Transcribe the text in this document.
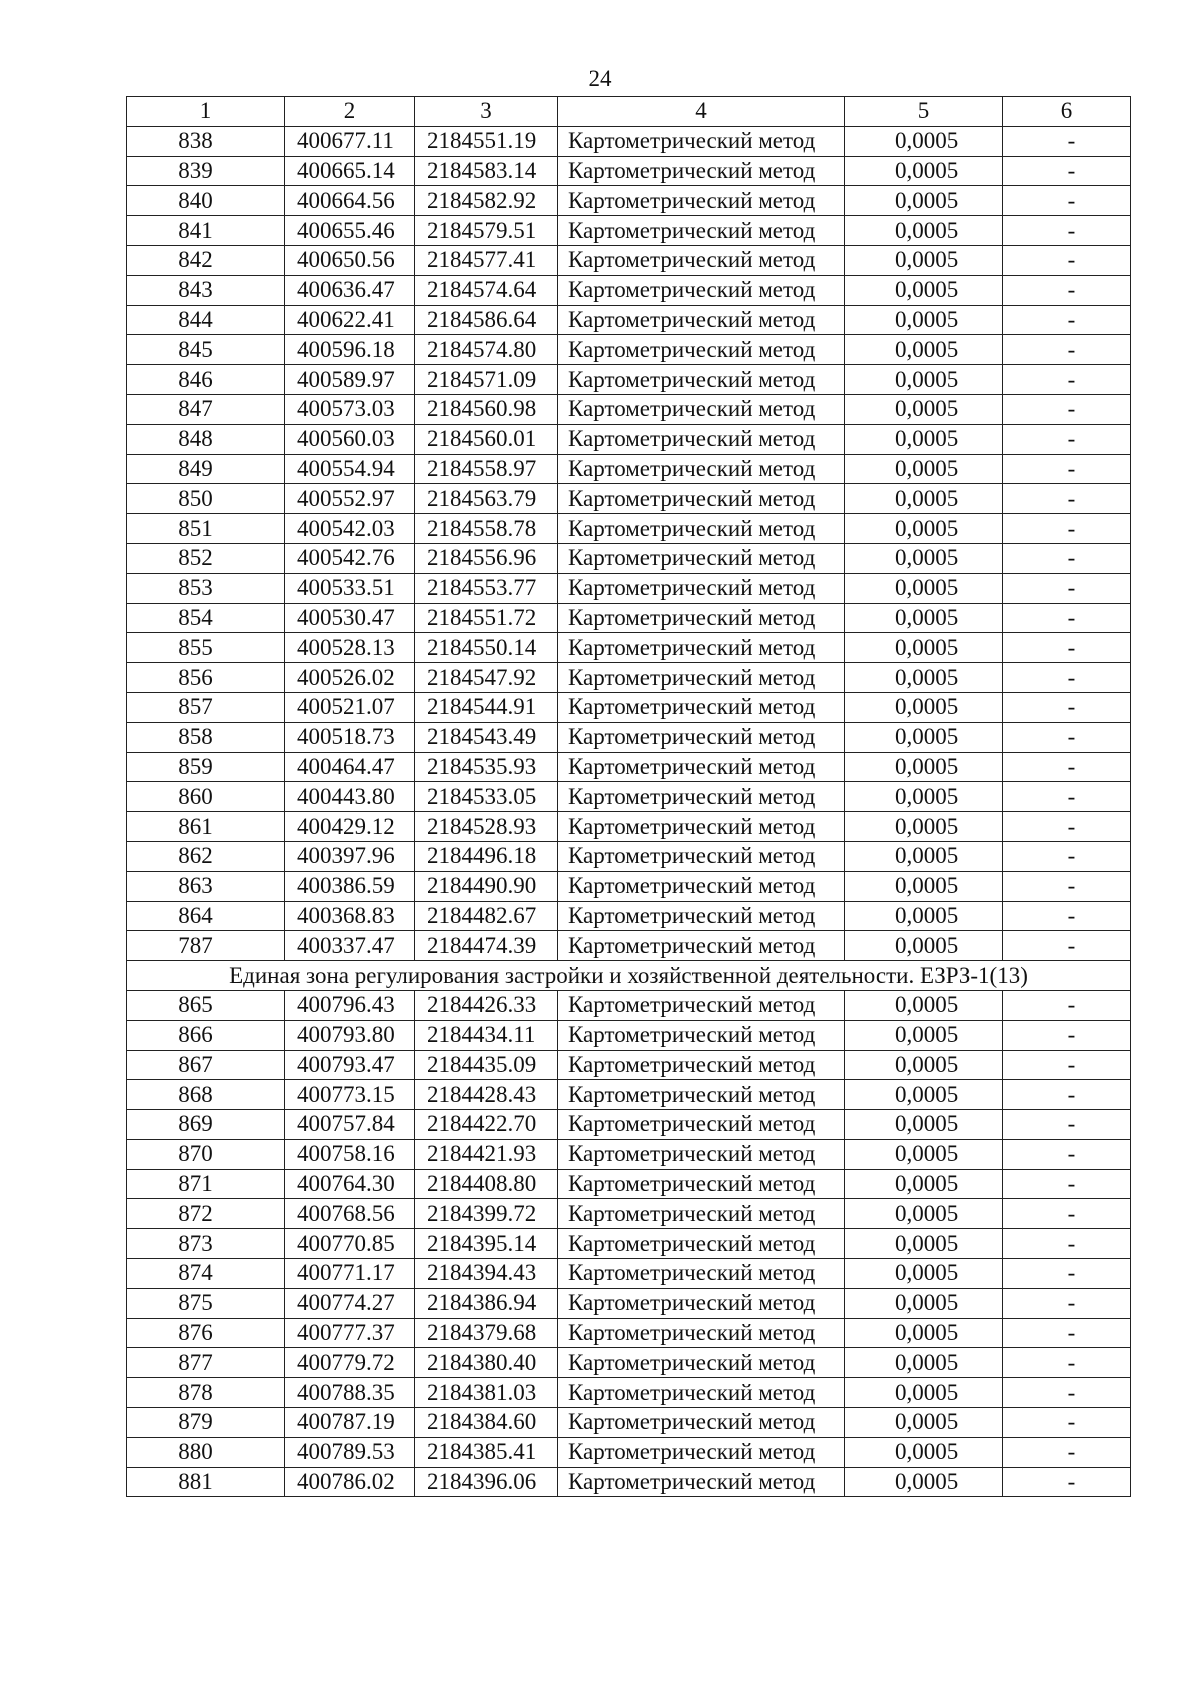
24
1	2	3	4	5	6
838	400677.11	2184551.19	Картометрический метод	0,0005	-
839	400665.14	2184583.14	Картометрический метод	0,0005	-
840	400664.56	2184582.92	Картометрический метод	0,0005	-
841	400655.46	2184579.51	Картометрический метод	0,0005	-
842	400650.56	2184577.41	Картометрический метод	0,0005	-
843	400636.47	2184574.64	Картометрический метод	0,0005	-
844	400622.41	2184586.64	Картометрический метод	0,0005	-
845	400596.18	2184574.80	Картометрический метод	0,0005	-
846	400589.97	2184571.09	Картометрический метод	0,0005	-
847	400573.03	2184560.98	Картометрический метод	0,0005	-
848	400560.03	2184560.01	Картометрический метод	0,0005	-
849	400554.94	2184558.97	Картометрический метод	0,0005	-
850	400552.97	2184563.79	Картометрический метод	0,0005	-
851	400542.03	2184558.78	Картометрический метод	0,0005	-
852	400542.76	2184556.96	Картометрический метод	0,0005	-
853	400533.51	2184553.77	Картометрический метод	0,0005	-
854	400530.47	2184551.72	Картометрический метод	0,0005	-
855	400528.13	2184550.14	Картометрический метод	0,0005	-
856	400526.02	2184547.92	Картометрический метод	0,0005	-
857	400521.07	2184544.91	Картометрический метод	0,0005	-
858	400518.73	2184543.49	Картометрический метод	0,0005	-
859	400464.47	2184535.93	Картометрический метод	0,0005	-
860	400443.80	2184533.05	Картометрический метод	0,0005	-
861	400429.12	2184528.93	Картометрический метод	0,0005	-
862	400397.96	2184496.18	Картометрический метод	0,0005	-
863	400386.59	2184490.90	Картометрический метод	0,0005	-
864	400368.83	2184482.67	Картометрический метод	0,0005	-
787	400337.47	2184474.39	Картометрический метод	0,0005	-
Единая зона регулирования застройки и хозяйственной деятельности. ЕЗРЗ-1(13)					
865	400796.43	2184426.33	Картометрический метод	0,0005	-
866	400793.80	2184434.11	Картометрический метод	0,0005	-
867	400793.47	2184435.09	Картометрический метод	0,0005	-
868	400773.15	2184428.43	Картометрический метод	0,0005	-
869	400757.84	2184422.70	Картометрический метод	0,0005	-
870	400758.16	2184421.93	Картометрический метод	0,0005	-
871	400764.30	2184408.80	Картометрический метод	0,0005	-
872	400768.56	2184399.72	Картометрический метод	0,0005	-
873	400770.85	2184395.14	Картометрический метод	0,0005	-
874	400771.17	2184394.43	Картометрический метод	0,0005	-
875	400774.27	2184386.94	Картометрический метод	0,0005	-
876	400777.37	2184379.68	Картометрический метод	0,0005	-
877	400779.72	2184380.40	Картометрический метод	0,0005	-
878	400788.35	2184381.03	Картометрический метод	0,0005	-
879	400787.19	2184384.60	Картометрический метод	0,0005	-
880	400789.53	2184385.41	Картометрический метод	0,0005	-
881	400786.02	2184396.06	Картометрический метод	0,0005	-
